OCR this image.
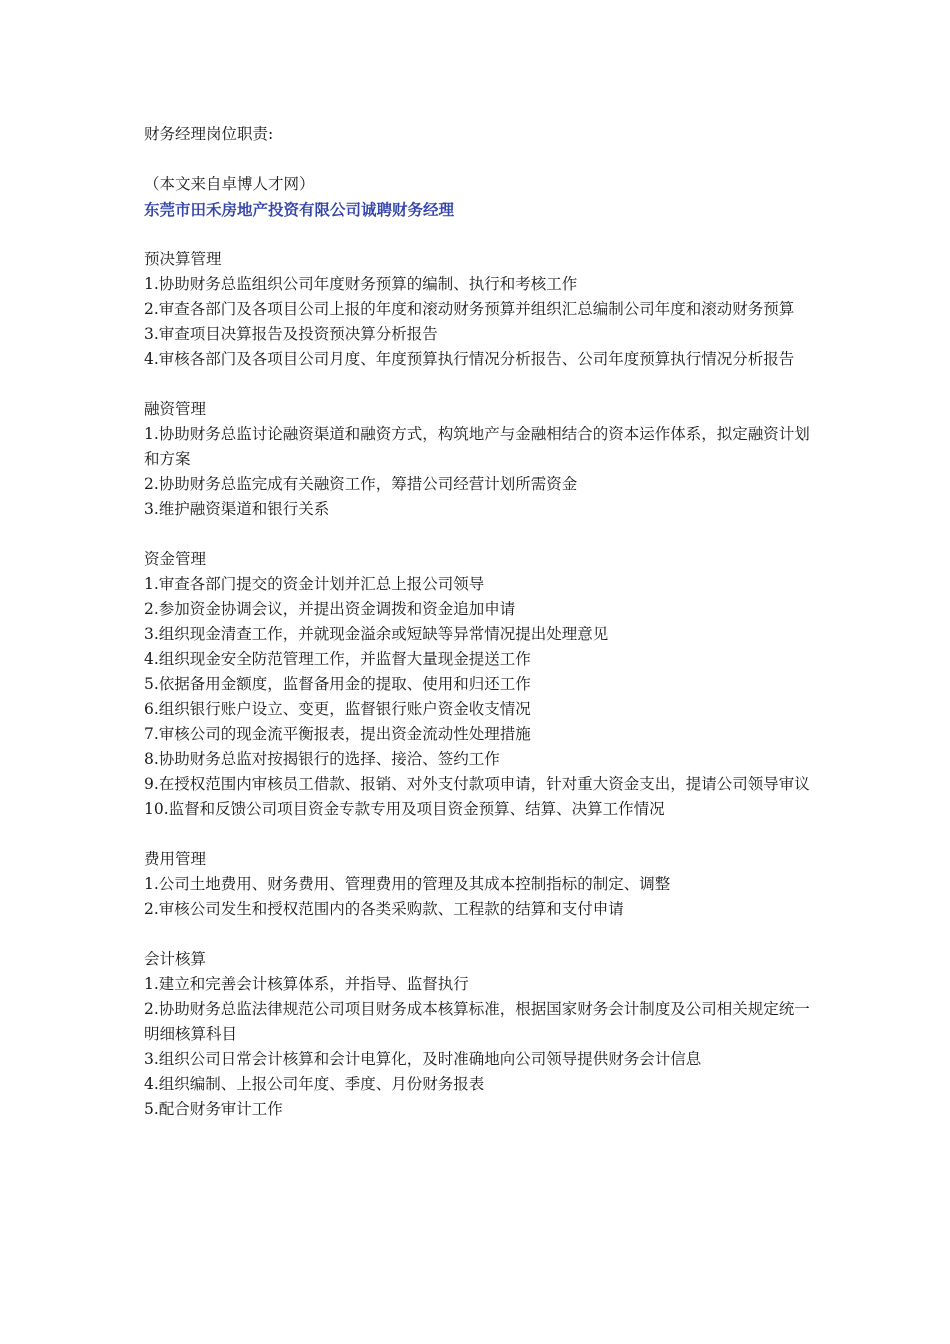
财务经理岗位职责:

（本文来自卓博人才网）

东莞市田禾房地产投资有限公司诚聘财务经理

预决算管理

1.协助财务总监组织公司年度财务预算的编制、执行和考核工作

2.审查各部门及各项目公司上报的年度和滚动财务预算并组织汇总编制公司年度和滚动财务预算

3.审查项目决算报告及投资预决算分析报告

4.审核各部门及各项目公司月度、年度预算执行情况分析报告、公司年度预算执行情况分析报告

融资管理

1.协助财务总监讨论融资渠道和融资方式，构筑地产与金融相结合的资本运作体系，拟定融资计划和方案

2.协助财务总监完成有关融资工作，筹措公司经营计划所需资金

3.维护融资渠道和银行关系

资金管理

1.审查各部门提交的资金计划并汇总上报公司领导

2.参加资金协调会议，并提出资金调拨和资金追加申请

3.组织现金清查工作，并就现金溢余或短缺等异常情况提出处理意见

4.组织现金安全防范管理工作，并监督大量现金提送工作

5.依据备用金额度，监督备用金的提取、使用和归还工作

6.组织银行账户设立、变更，监督银行账户资金收支情况

7.审核公司的现金流平衡报表，提出资金流动性处理措施

8.协助财务总监对按揭银行的选择、接洽、签约工作

9.在授权范围内审核员工借款、报销、对外支付款项申请，针对重大资金支出，提请公司领导审议

10.监督和反馈公司项目资金专款专用及项目资金预算、结算、决算工作情况

费用管理

1.公司土地费用、财务费用、管理费用的管理及其成本控制指标的制定、调整

2.审核公司发生和授权范围内的各类采购款、工程款的结算和支付申请

会计核算

1.建立和完善会计核算体系，并指导、监督执行

2.协助财务总监法律规范公司项目财务成本核算标准，根据国家财务会计制度及公司相关规定统一明细核算科目

3.组织公司日常会计核算和会计电算化，及时准确地向公司领导提供财务会计信息

4.组织编制、上报公司年度、季度、月份财务报表

5.配合财务审计工作
